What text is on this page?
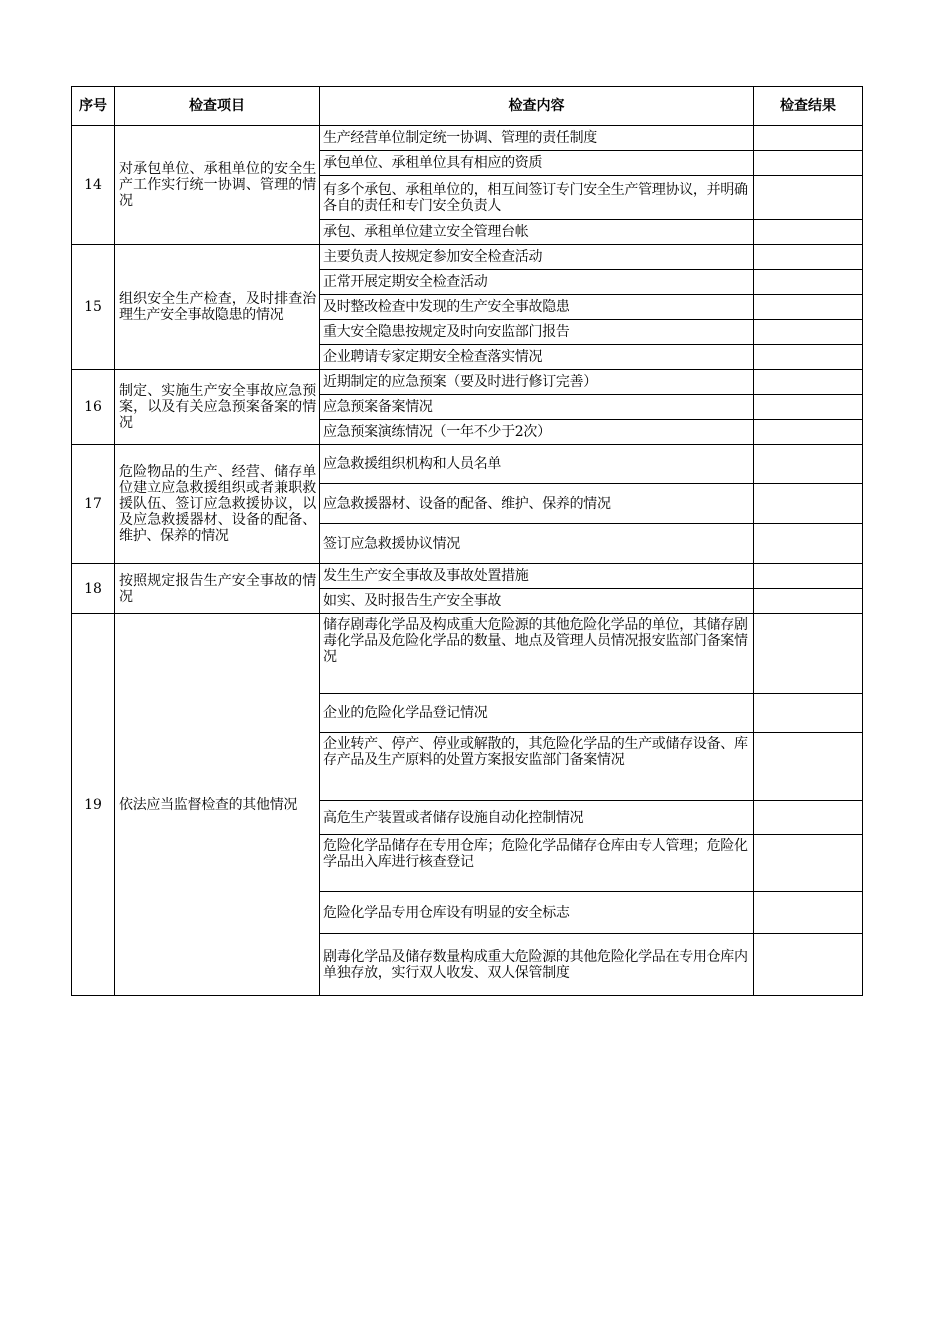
序号	检查项目	检查内容	检查结果
14	对承包单位、承租单位的安全生产工作实行统一协调、管理的情况	生产经营单位制定统一协调、管理的责任制度	
		承包单位、承租单位具有相应的资质	
		有多个承包、承租单位的，相互间签订专门安全生产管理协议，并明确各自的责任和专门安全负责人	
		承包、承租单位建立安全管理台帐	
15	组织安全生产检查，及时排查治理生产安全事故隐患的情况	主要负责人按规定参加安全检查活动	
		正常开展定期安全检查活动	
		及时整改检查中发现的生产安全事故隐患	
		重大安全隐患按规定及时向安监部门报告	
		企业聘请专家定期安全检查落实情况	
16	制定、实施生产安全事故应急预案，以及有关应急预案备案的情况	近期制定的应急预案（要及时进行修订完善）	
		应急预案备案情况	
		应急预案演练情况（一年不少于2次）	
17	危险物品的生产、经营、储存单位建立应急救援组织或者兼职救援队伍、签订应急救援协议，以及应急救援器材、设备的配备、维护、保养的情况	应急救援组织机构和人员名单	
		应急救援器材、设备的配备、维护、保养的情况	
		签订应急救援协议情况	
18	按照规定报告生产安全事故的情况	发生生产安全事故及事故处置措施	
		如实、及时报告生产安全事故	
19	依法应当监督检查的其他情况	储存剧毒化学品及构成重大危险源的其他危险化学品的单位，其储存剧毒化学品及危险化学品的数量、地点及管理人员情况报安监部门备案情况	
		企业的危险化学品登记情况	
		企业转产、停产、停业或解散的，其危险化学品的生产或储存设备、库存产品及生产原料的处置方案报安监部门备案情况	
		高危生产装置或者储存设施自动化控制情况	
		危险化学品储存在专用仓库；危险化学品储存仓库由专人管理；危险化学品出入库进行核查登记	
		危险化学品专用仓库设有明显的安全标志	
		剧毒化学品及储存数量构成重大危险源的其他危险化学品在专用仓库内单独存放，实行双人收发、双人保管制度	
